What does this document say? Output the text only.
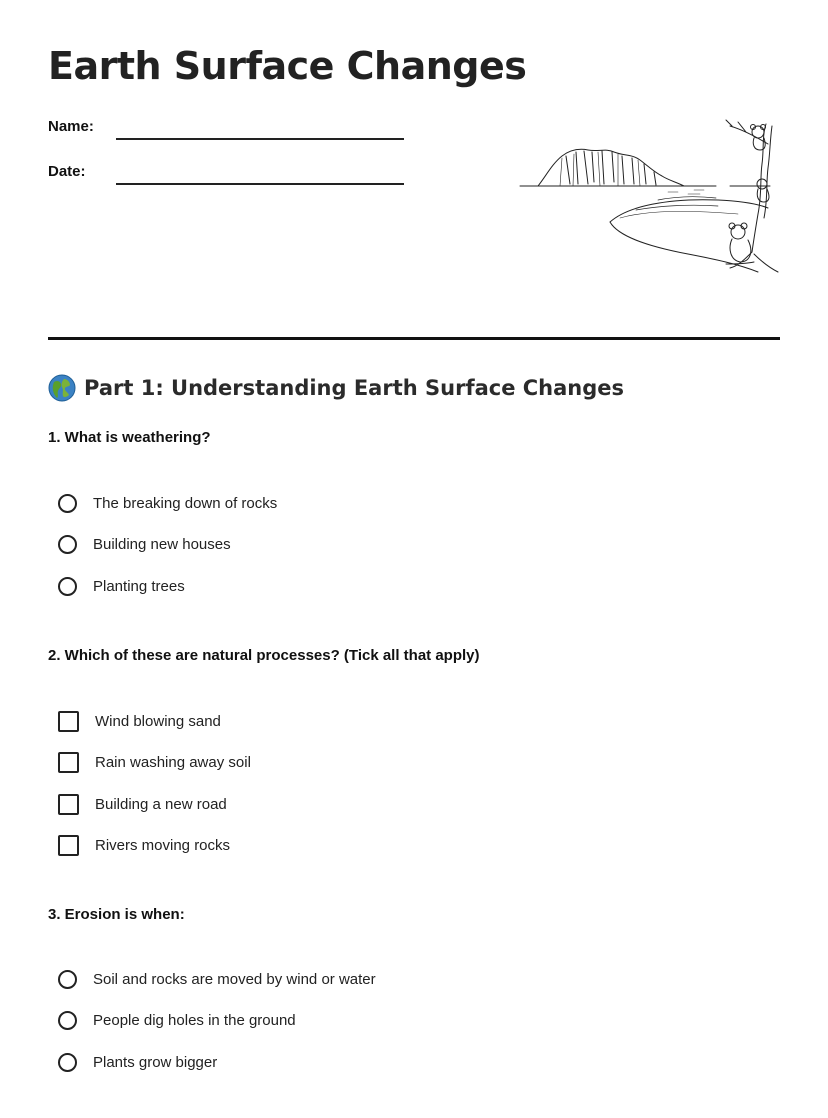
Earth Surface Changes
Name:
Date:
Part 1: Understanding Earth Surface Changes

1. What is weathering?

The breaking down of rocks
Building new houses
Planting trees

2. Which of these are natural processes? (Tick all that apply)

Wind blowing sand
Rain washing away soil
Building a new road
Rivers moving rocks

3. Erosion is when:

Soil and rocks are moved by wind or water
People dig holes in the ground
Plants grow bigger
